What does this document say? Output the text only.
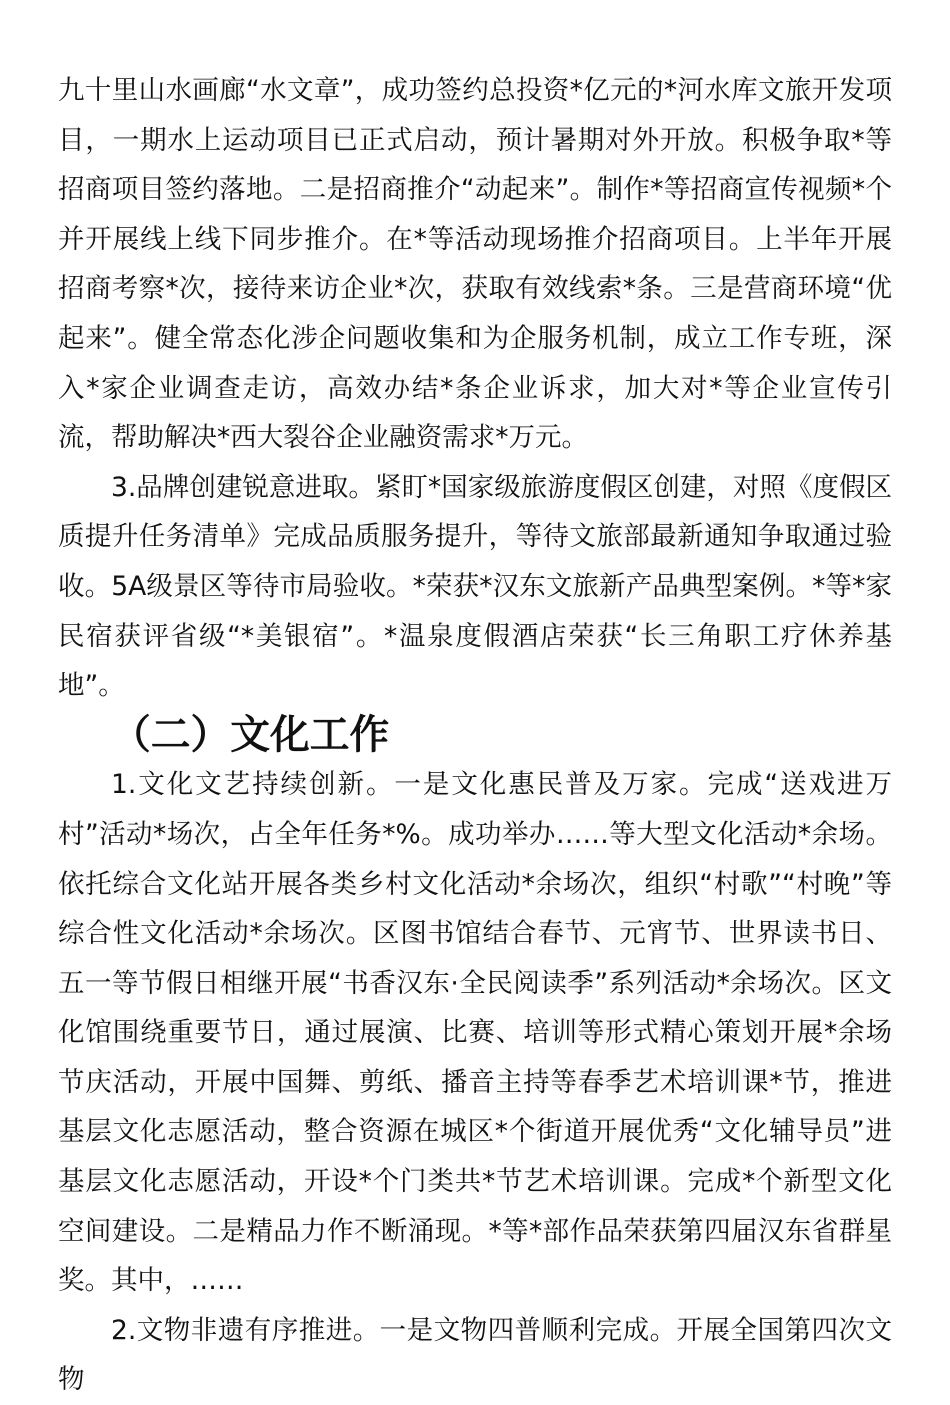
九十里山水画廊“水文章”，成功签约总投资*亿元的*河水库文旅开发项目，一期水上运动项目已正式启动，预计暑期对外开放。积极争取*等招商项目签约落地。二是招商推介“动起来”。制作*等招商宣传视频*个并开展线上线下同步推介。在*等活动现场推介招商项目。上半年开展招商考察*次，接待来访企业*次，获取有效线索*条。三是营商环境“优起来”。健全常态化涉企问题收集和为企服务机制，成立工作专班，深入*家企业调查走访，高效办结*条企业诉求，加大对*等企业宣传引流，帮助解决*西大裂谷企业融资需求*万元。

3.品牌创建锐意进取。紧盯*国家级旅游度假区创建，对照《度假区质提升任务清单》完成品质服务提升，等待文旅部最新通知争取通过验收。5A级景区等待市局验收。*荣获*汉东文旅新产品典型案例。*等*家民宿获评省级“*美银宿”。*温泉度假酒店荣获“长三角职工疗休养基地”。

（二）文化工作

1.文化文艺持续创新。一是文化惠民普及万家。完成“送戏进万村”活动*场次，占全年任务*%。成功举办……等大型文化活动*余场。依托综合文化站开展各类乡村文化活动*余场次，组织“村歌”“村晚”等综合性文化活动*余场次。区图书馆结合春节、元宵节、世界读书日、五一等节假日相继开展“书香汉东·全民阅读季”系列活动*余场次。区文化馆围绕重要节日，通过展演、比赛、培训等形式精心策划开展*余场节庆活动，开展中国舞、剪纸、播音主持等春季艺术培训课*节，推进基层文化志愿活动，整合资源在城区*个街道开展优秀“文化辅导员”进基层文化志愿活动，开设*个门类共*节艺术培训课。完成*个新型文化空间建设。二是精品力作不断涌现。*等*部作品荣获第四届汉东省群星奖。其中，……

2.文物非遗有序推进。一是文物四普顺利完成。开展全国第四次文物
